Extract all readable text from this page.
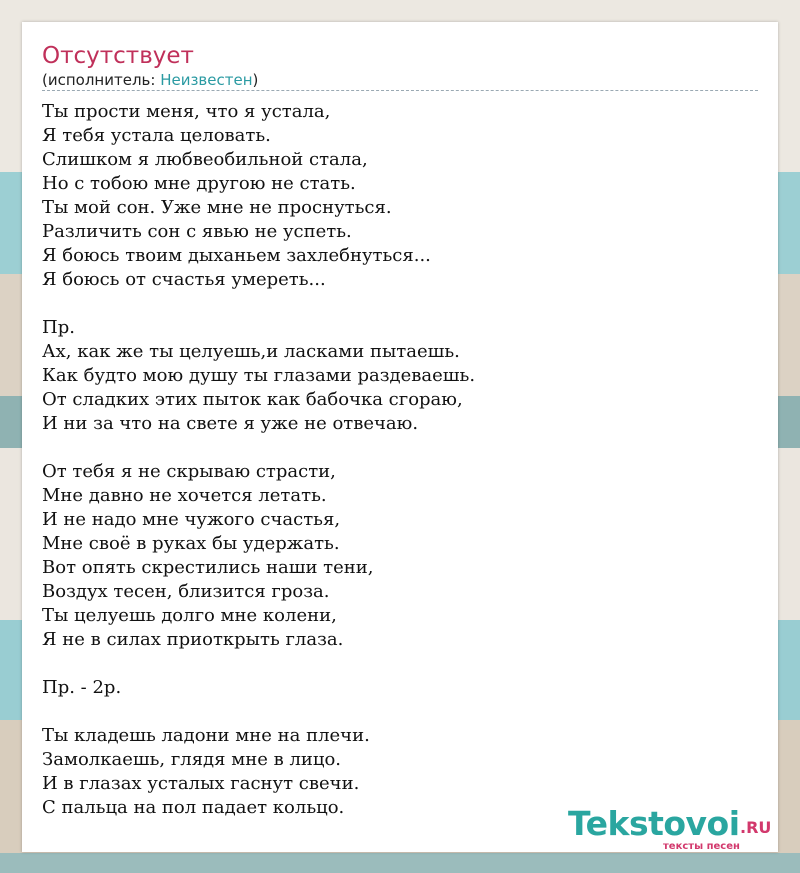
Отсутствует
(исполнитель: Неизвестен)
Ты прости меня, что я устала,
Я тебя устала целовать.
Слишком я любвеобильной стала,
Но с тобою мне другою не стать.
Ты мой сон. Уже мне не проснуться.
Различить сон с явью не успеть.
Я боюсь твоим дыханьем захлебнуться...
Я боюсь от счастья умереть...
Пр.
Ах, как же ты целуешь,и ласками пытаешь.
Как будто мою душу ты глазами раздеваешь.
От сладких этих пыток как бабочка сгораю,
И ни за что на свете я уже не отвечаю.
От тебя я не скрываю страсти,
Мне давно не хочется летать.
И не надо мне чужого счастья,
Мне своё в руках бы удержать.
Вот опять скрестились наши тени,
Воздух тесен, близится гроза.
Ты целуешь долго мне колени,
Я не в силах приоткрыть глаза.
Пр. - 2р.
Ты кладешь ладони мне на плечи.
Замолкаешь, глядя мне в лицо.
И в глазах усталых гаснут свечи.
С пальца на пол падает кольцо.	Tekstovoi .RU
тексты песен
